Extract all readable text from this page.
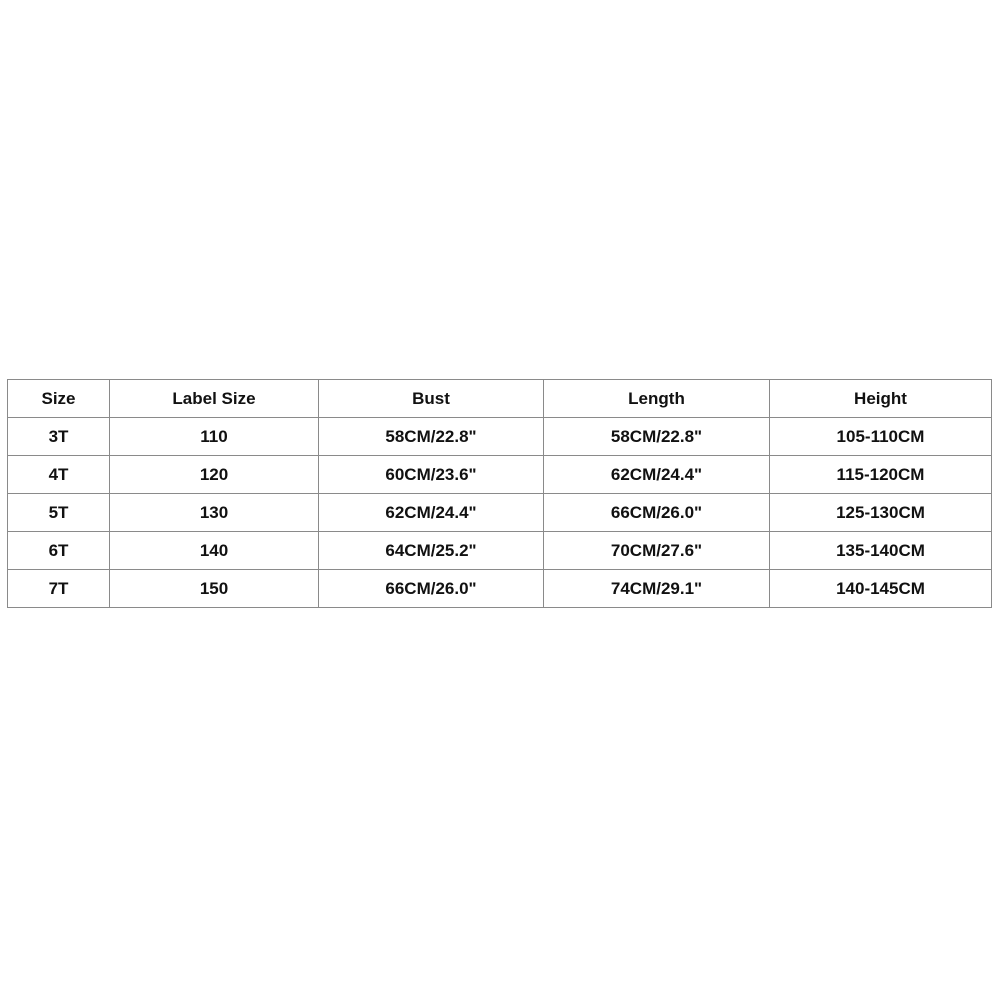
Size	Label Size	Bust	Length	Height
3T	110	58CM/22.8"	58CM/22.8"	105-110CM
4T	120	60CM/23.6"	62CM/24.4"	115-120CM
5T	130	62CM/24.4"	66CM/26.0"	125-130CM
6T	140	64CM/25.2"	70CM/27.6"	135-140CM
7T	150	66CM/26.0"	74CM/29.1"	140-145CM
